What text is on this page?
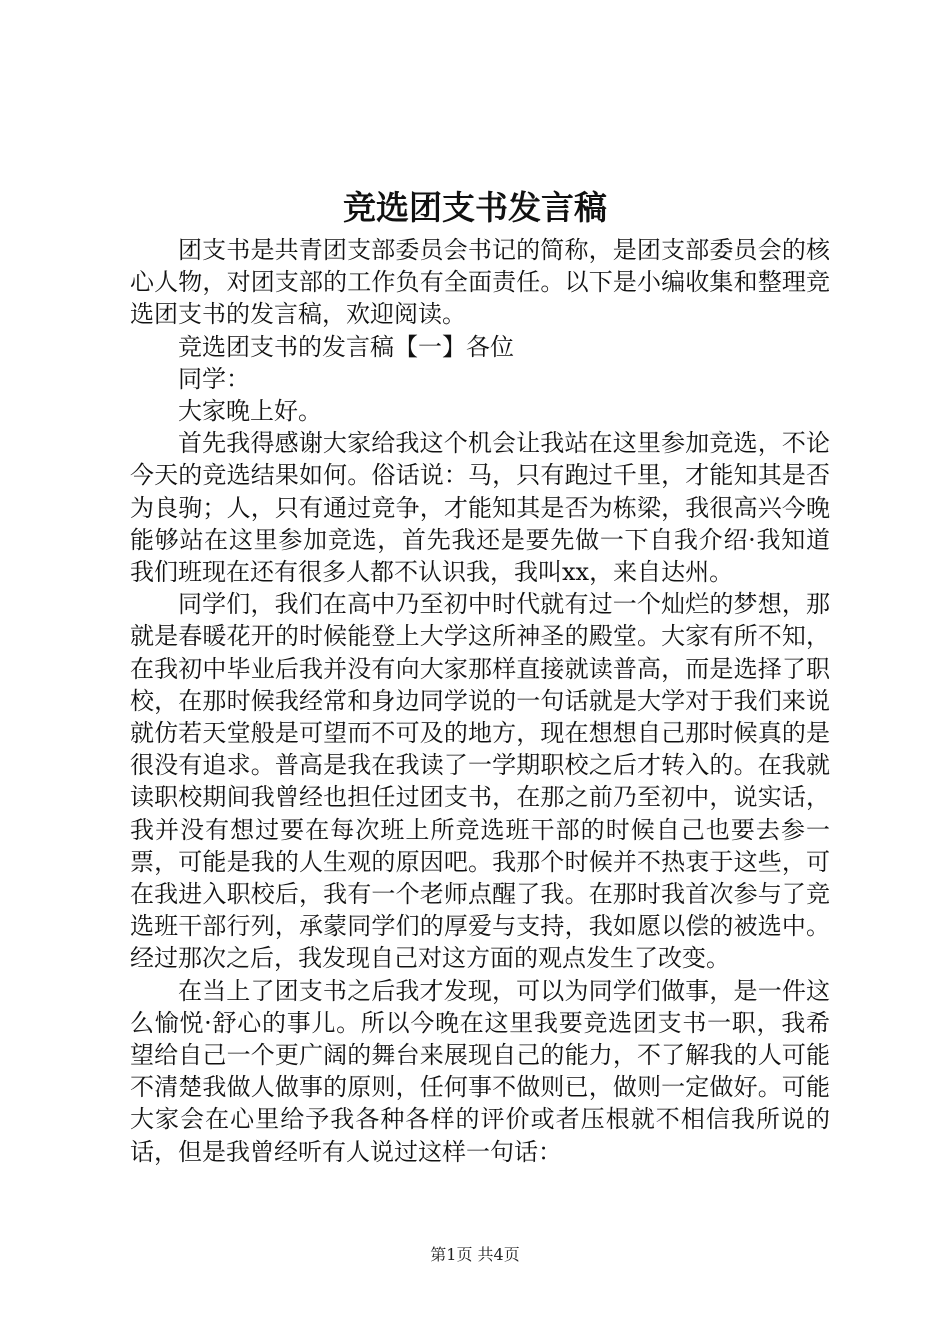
竞选团支书发言稿

团支书是共青团支部委员会书记的简称，是团支部委员会的核心人物，对团支部的工作负有全面责任。以下是小编收集和整理竞选团支书的发言稿，欢迎阅读。

竞选团支书的发言稿【一】各位

同学：

大家晚上好。

首先我得感谢大家给我这个机会让我站在这里参加竞选，不论今天的竞选结果如何。俗话说：马，只有跑过千里，才能知其是否为良驹；人，只有通过竞争，才能知其是否为栋梁，我很高兴今晚能够站在这里参加竞选，首先我还是要先做一下自我介绍·我知道我们班现在还有很多人都不认识我，我叫xx，来自达州。

同学们，我们在高中乃至初中时代就有过一个灿烂的梦想，那就是春暖花开的时候能登上大学这所神圣的殿堂。大家有所不知，在我初中毕业后我并没有向大家那样直接就读普高，而是选择了职校，在那时候我经常和身边同学说的一句话就是大学对于我们来说就仿若天堂般是可望而不可及的地方，现在想想自己那时候真的是很没有追求。普高是我在我读了一学期职校之后才转入的。在我就读职校期间我曾经也担任过团支书，在那之前乃至初中，说实话，我并没有想过要在每次班上所竞选班干部的时候自己也要去参一票，可能是我的人生观的原因吧。我那个时候并不热衷于这些，可在我进入职校后，我有一个老师点醒了我。在那时我首次参与了竞选班干部行列，承蒙同学们的厚爱与支持，我如愿以偿的被选中。经过那次之后，我发现自己对这方面的观点发生了改变。

在当上了团支书之后我才发现，可以为同学们做事，是一件这么愉悦·舒心的事儿。所以今晚在这里我要竞选团支书一职，我希望给自己一个更广阔的舞台来展现自己的能力，不了解我的人可能不清楚我做人做事的原则，任何事不做则已，做则一定做好。可能大家会在心里给予我各种各样的评价或者压根就不相信我所说的话，但是我曾经听有人说过这样一句话：

第1页 共4页
